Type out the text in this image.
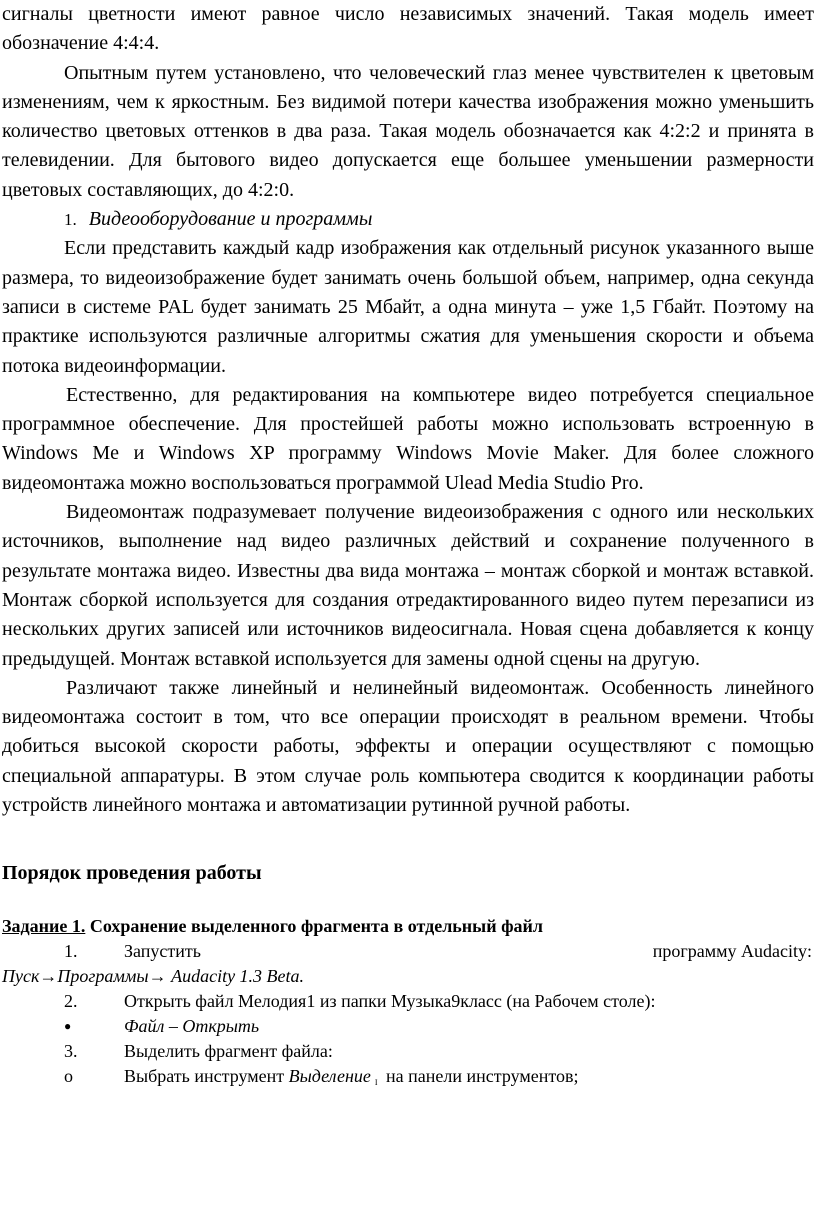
сигналы цветности имеют равное число независимых значений. Такая модель имеет обозначение 4:4:4.

Опытным путем установлено, что человеческий глаз менее чувствителен к цветовым изменениям, чем к яркостным. Без видимой потери качества изображения можно уменьшить количество цветовых оттенков в два раза. Такая модель обозначается как 4:2:2 и принята в телевидении. Для бытового видео допускается еще большее уменьшении размерности цветовых составляющих, до 4:2:0.

1. Видеооборудование и программы

Если представить каждый кадр изображения как отдельный рисунок указанного выше размера, то видеоизображение будет занимать очень большой объем, например, одна секунда записи в системе PAL будет занимать 25 Мбайт, а одна минута – уже 1,5 Гбайт. Поэтому на практике используются различные алгоритмы сжатия для уменьшения скорости и объема потока видеоинформации.

Естественно, для редактирования на компьютере видео потребуется специальное программное обеспечение. Для простейшей работы можно использовать встроенную в Windows Me и Windows XP программу Windows Movie Maker. Для более сложного видеомонтажа можно воспользоваться программой Ulead Media Studio Pro.

Видеомонтаж подразумевает получение видеоизображения с одного или нескольких источников, выполнение над видео различных действий и сохранение полученного в результате монтажа видео. Известны два вида монтажа – монтаж сборкой и монтаж вставкой. Монтаж сборкой используется для создания отредактированного видео путем перезаписи из нескольких других записей или источников видеосигнала. Новая сцена добавляется к концу предыдущей. Монтаж вставкой используется для замены одной сцены на другую.

Различают также линейный и нелинейный видеомонтаж. Особенность линейного видеомонтажа состоит в том, что все операции происходят в реальном времени. Чтобы добиться высокой скорости работы, эффекты и операции осуществляют с помощью специальной аппаратуры. В этом случае роль компьютера сводится к координации работы устройств линейного монтажа и автоматизации рутинной ручной работы.

Порядок проведения работы

Задание 1. Сохранение выделенного фрагмента в отдельный файл

1.	Запустить	программу Audacity:

Пуск→Программы→ Audacity 1.3 Beta.

2.	Открыть файл Мелодия1 из папки Музыка9класс (на Рабочем столе):

●	Файл – Открыть

3.	Выделить фрагмент файла:

o	Выбрать инструмент Выделение I на панели инструментов;
